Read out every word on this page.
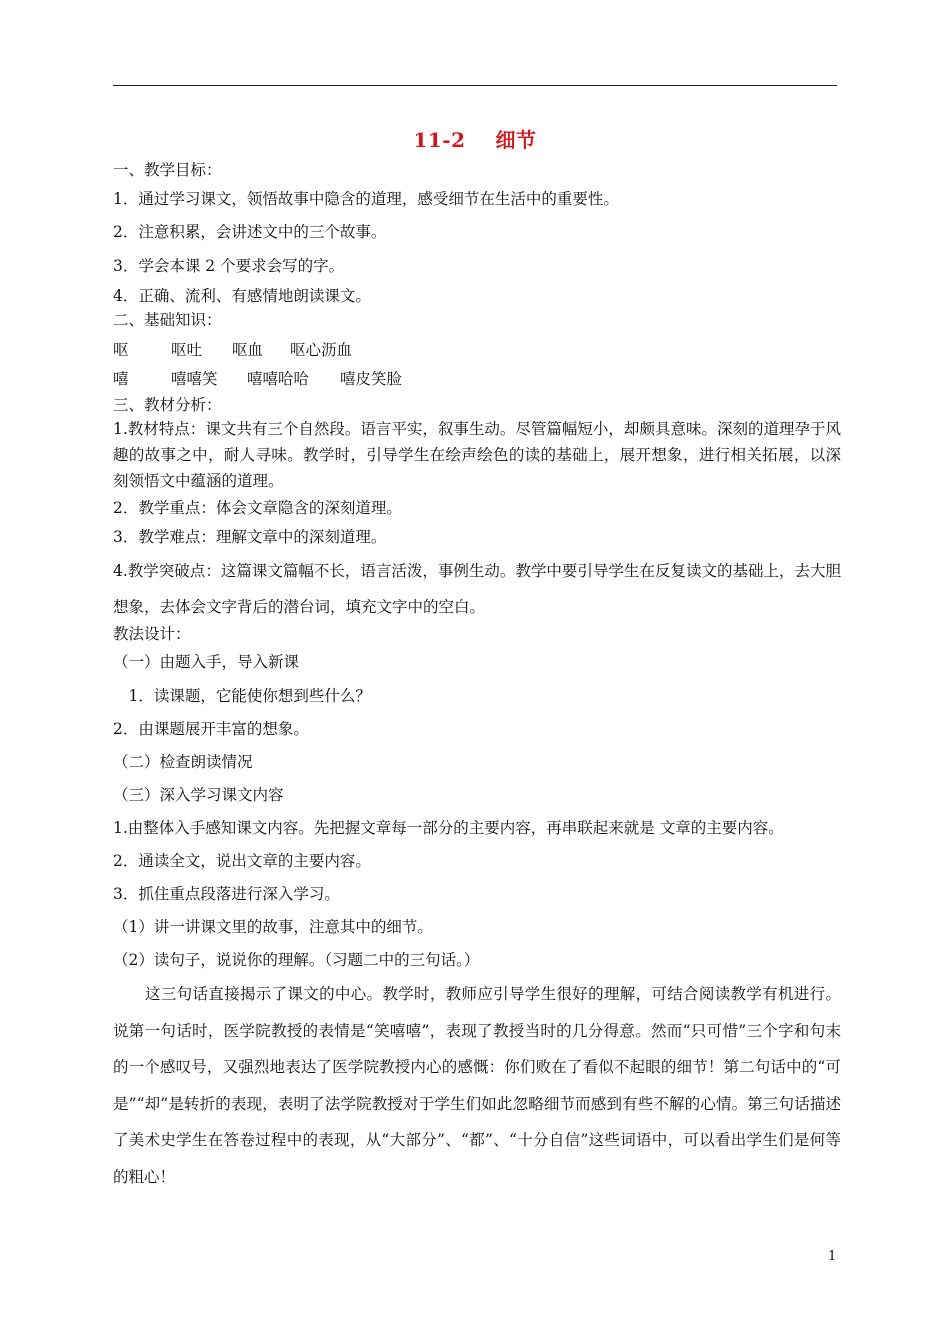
11-2 细节
一、教学目标：
1．通过学习课文，领悟故事中隐含的道理，感受细节在生活中的重要性。
2．注意积累，会讲述文中的三个故事。
3．学会本课 2 个要求会写的字。
4．正确、流利、有感情地朗读课文。
二、基础知识：
呕	呕吐 呕血 呕心沥血
嘻	嘻嘻笑 嘻嘻哈哈 嘻皮笑脸
三、教材分析：
1.教材特点：课文共有三个自然段。语言平实，叙事生动。尽管篇幅短小，却颇具意味。深刻的道理孕于风趣的故事之中，耐人寻味。教学时，引导学生在绘声绘色的读的基础上，展开想象，进行相关拓展，以深刻领悟文中蕴涵的道理。
2．教学重点：体会文章隐含的深刻道理。
3．教学难点：理解文章中的深刻道理。
4.教学突破点：这篇课文篇幅不长，语言活泼，事例生动。教学中要引导学生在反复读文的基础上，去大胆想象，去体会文字背后的潜台词，填充文字中的空白。
教法设计：
（一）由题入手，导入新课
　1．读课题，它能使你想到些什么？
2．由课题展开丰富的想象。
（二）检查朗读情况
（三）深入学习课文内容
1.由整体入手感知课文内容。先把握文章每一部分的主要内容，再串联起来就是 文章的主要内容。
2．通读全文，说出文章的主要内容。
3．抓住重点段落进行深入学习。
（1）讲一讲课文里的故事，注意其中的细节。
（2）读句子，说说你的理解。（习题二中的三句话。）
这三句话直接揭示了课文的中心。教学时，教师应引导学生很好的理解，可结合阅读教学有机进行。说第一句话时，医学院教授的表情是“笑嘻嘻”，表现了教授当时的几分得意。然而“只可惜”三个字和句末的一个感叹号，又强烈地表达了医学院教授内心的感慨：你们败在了看似不起眼的细节！第二句话中的“可是”“却”是转折的表现，表明了法学院教授对于学生们如此忽略细节而感到有些不解的心情。第三句话描述了美术史学生在答卷过程中的表现，从“大部分”、“都”、“十分自信”这些词语中，可以看出学生们是何等的粗心！
1
